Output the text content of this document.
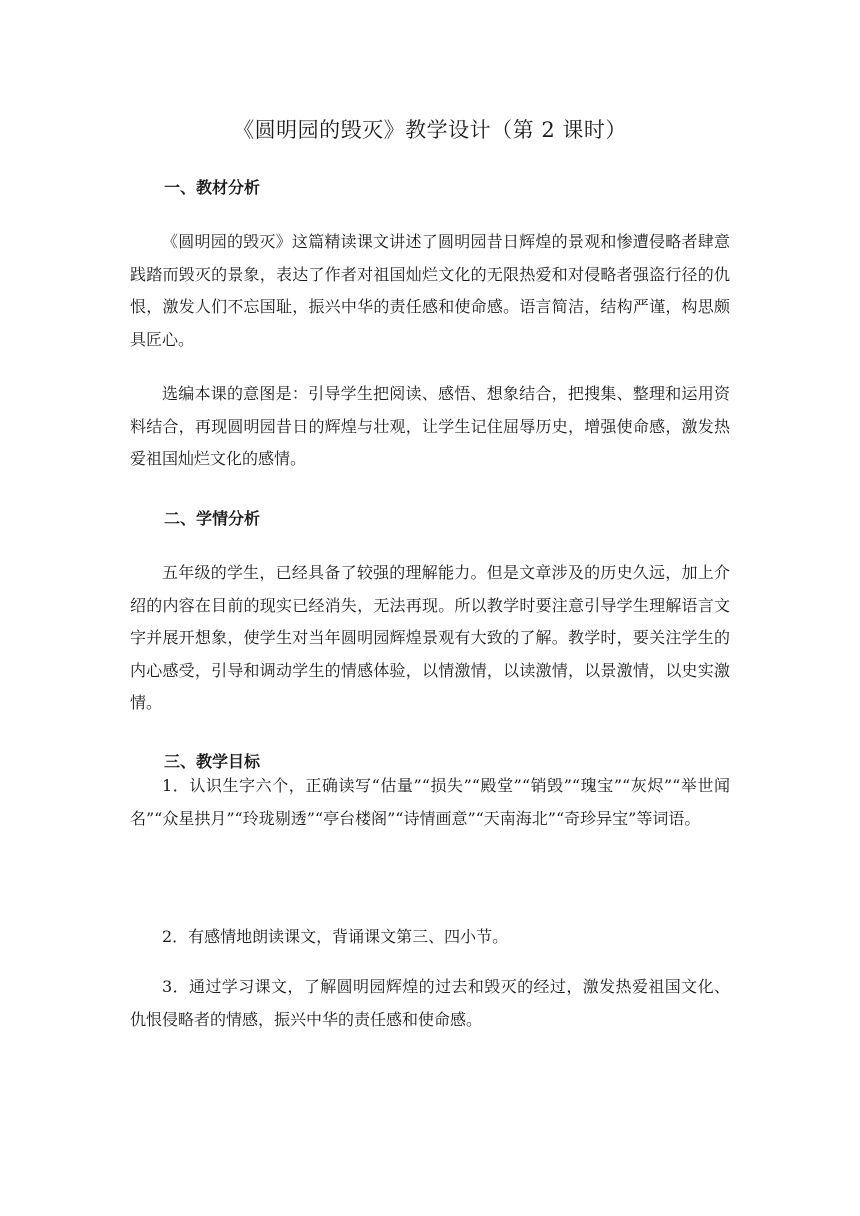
《圆明园的毁灭》教学设计（第 2 课时）
一、教材分析

《圆明园的毁灭》这篇精读课文讲述了圆明园昔日辉煌的景观和惨遭侵略者肆意践踏而毁灭的景象，表达了作者对祖国灿烂文化的无限热爱和对侵略者强盗行径的仇恨，激发人们不忘国耻，振兴中华的责任感和使命感。语言简洁，结构严谨，构思颇具匠心。

选编本课的意图是：引导学生把阅读、感悟、想象结合，把搜集、整理和运用资料结合，再现圆明园昔日的辉煌与壮观，让学生记住屈辱历史，增强使命感，激发热爱祖国灿烂文化的感情。

二、学情分析

五年级的学生，已经具备了较强的理解能力。但是文章涉及的历史久远，加上介绍的内容在目前的现实已经消失，无法再现。所以教学时要注意引导学生理解语言文字并展开想象，使学生对当年圆明园辉煌景观有大致的了解。教学时，要关注学生的内心感受，引导和调动学生的情感体验，以情激情，以读激情，以景激情，以史实激情。

三、教学目标

1．认识生字六个，正确读写“估量”“损失”“殿堂”“销毁”“瑰宝”“灰烬”“举世闻名”“众星拱月”“玲珑剔透”“亭台楼阁”“诗情画意”“天南海北”“奇珍异宝”等词语。

2．有感情地朗读课文，背诵课文第三、四小节。

3．通过学习课文，了解圆明园辉煌的过去和毁灭的经过，激发热爱祖国文化、仇恨侵略者的情感，振兴中华的责任感和使命感。
